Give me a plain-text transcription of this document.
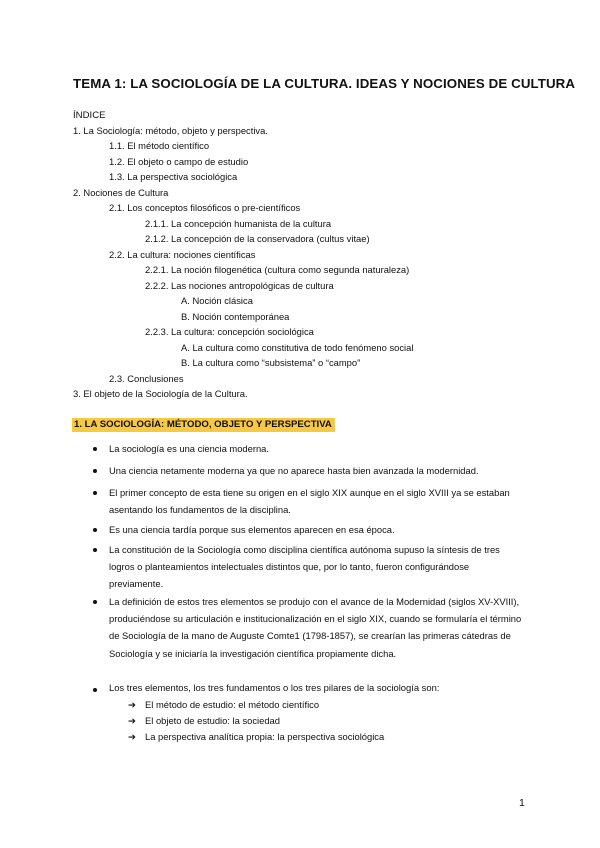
TEMA 1: LA SOCIOLOGÍA DE LA CULTURA. IDEAS Y NOCIONES DE CULTURA
ÍNDICE
1. La Sociología: método, objeto y perspectiva.
1.1. El método científico
1.2. El objeto o campo de estudio
1.3. La perspectiva sociológica
2. Nociones de Cultura
2.1. Los conceptos filosóficos o pre-científicos
2.1.1. La concepción humanista de la cultura
2.1.2. La concepción de la conservadora (cultus vitae)
2.2. La cultura: nociones científicas
2.2.1. La noción filogenética (cultura como segunda naturaleza)
2.2.2. Las nociones antropológicas de cultura
A. Noción clásica
B. Noción contemporánea
2.2.3. La cultura: concepción sociológica
A. La cultura como constitutiva de todo fenómeno social
B. La cultura como “subsistema” o “campo”
2.3. Conclusiones
3. El objeto de la Sociología de la Cultura.
1. LA SOCIOLOGÍA: MÉTODO, OBJETO Y PERSPECTIVA
La sociología es una ciencia moderna.
Una ciencia netamente moderna ya que no aparece hasta bien avanzada la modernidad.
El primer concepto de esta tiene su origen en el siglo XIX aunque en el siglo XVIII ya se estaban asentando los fundamentos de la disciplina.
Es una ciencia tardía porque sus elementos aparecen en esa época.
La constitución de la Sociología como disciplina científica autónoma supuso la síntesis de tres logros o planteamientos intelectuales distintos que, por lo tanto, fueron configurándose previamente.
La definición de estos tres elementos se produjo con el avance de la Modernidad (siglos XV-XVIII), produciéndose su articulación e institucionalización en el siglo XIX, cuando se formularía el término de Sociología de la mano de Auguste Comte1 (1798-1857), se crearían las primeras cátedras de Sociología y se iniciaría la investigación científica propiamente dicha.
Los tres elementos, los tres fundamentos o los tres pilares de la sociología son:
➔ El método de estudio: el método científico
➔ El objeto de estudio: la sociedad
➔ La perspectiva analítica propia: la perspectiva sociológica
1
